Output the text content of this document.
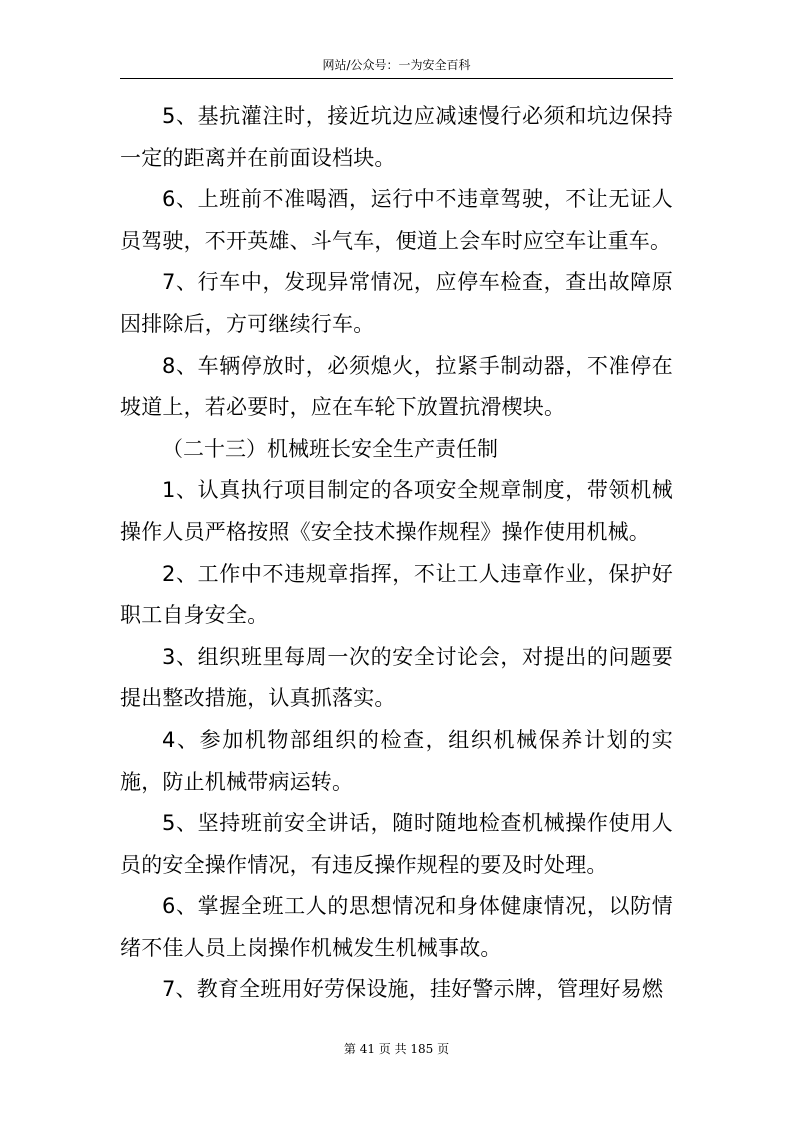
网站/公众号：一为安全百科

5、基抗灌注时，接近坑边应减速慢行必须和坑边保持一定的距离并在前面设档块。

6、上班前不准喝酒，运行中不违章驾驶，不让无证人员驾驶，不开英雄、斗气车，便道上会车时应空车让重车。

7、行车中，发现异常情况，应停车检查，查出故障原因排除后，方可继续行车。

8、车辆停放时，必须熄火，拉紧手制动器，不准停在坡道上，若必要时，应在车轮下放置抗滑楔块。

（二十三）机械班长安全生产责任制

1、认真执行项目制定的各项安全规章制度，带领机械操作人员严格按照《安全技术操作规程》操作使用机械。

2、工作中不违规章指挥，不让工人违章作业，保护好职工自身安全。

3、组织班里每周一次的安全讨论会，对提出的问题要提出整改措施，认真抓落实。

4、参加机物部组织的检查，组织机械保养计划的实施，防止机械带病运转。

5、坚持班前安全讲话，随时随地检查机械操作使用人员的安全操作情况，有违反操作规程的要及时处理。

6、掌握全班工人的思想情况和身体健康情况，以防情绪不佳人员上岗操作机械发生机械事故。

7、教育全班用好劳保设施，挂好警示牌，管理好易燃

第 41 页 共 185 页
